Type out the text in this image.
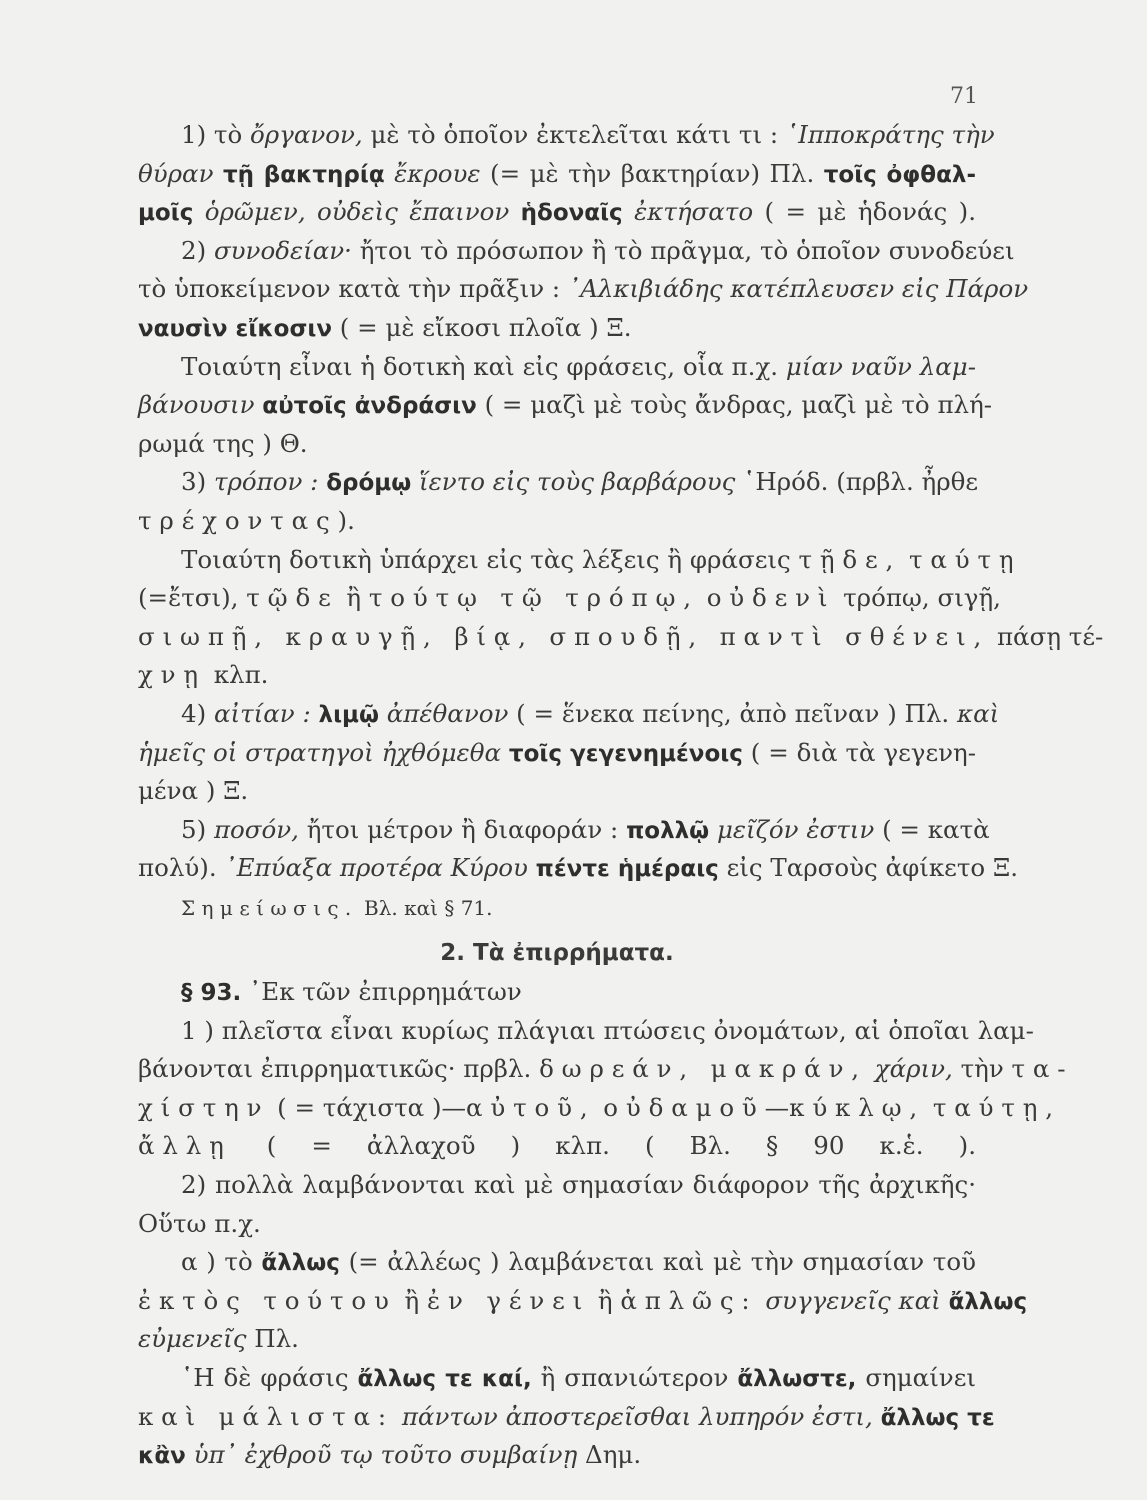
71
1) τὸ ὄργανον, μὲ τὸ ὁποῖον ἐκτελεῖται κάτι τι : ῾Ιπποκράτης τὴν
θύραν τῇ βακτηρίᾳ ἔκρουε (= μὲ τὴν βακτηρίαν) Πλ. τοῖς ὀφθαλ-
μοῖς ὁρῶμεν, οὐδεὶς ἔπαινον ἡδοναῖς ἐκτήσατο ( = μὲ ἡδονάς ).
2) συνοδείαν· ἤτοι τὸ πρόσωπον ἢ τὸ πρᾶγμα, τὸ ὁποῖον συνοδεύει
τὸ ὑποκείμενον κατὰ τὴν πρᾶξιν : ᾿Αλκιβιάδης κατέπλευσεν εἰς Πάρον
ναυσὶν εἴκοσιν ( = μὲ εἴκοσι πλοῖα ) Ξ.
Τοιαύτη εἶναι ἡ δοτικὴ καὶ εἰς φράσεις, οἷα π.χ. μίαν ναῦν λαμ-
βάνουσιν αὐτοῖς ἀνδράσιν ( = μαζὶ μὲ τοὺς ἄνδρας, μαζὶ μὲ τὸ πλή-
ρωμά της ) Θ.
3) τρόπον : δρόμῳ ἵεντο εἰς τοὺς βαρβάρους ῾Ηρόδ. (πρβλ. ἦρθε
τρέχοντας).
Τοιαύτη δοτικὴ ὑπάρχει εἰς τὰς λέξεις ἢ φράσεις τῇδε, ταύτῃ
(=ἔτσι), τῷδε ἢ τούτῳ τῷ τρόπῳ, οὐδενὶ τρόπῳ, σιγῇ,
σιωπῇ, κραυγῇ, βίᾳ, σπουδῇ, παντὶ σθένει, πάσῃ τέ-
χνῃ κλπ.
4) αἰτίαν : λιμῷ ἀπέθανον ( = ἕνεκα πείνης, ἀπὸ πεῖναν ) Πλ. καὶ
ἡμεῖς οἱ στρατηγοὶ ἠχθόμεθα τοῖς γεγενημένοις ( = διὰ τὰ γεγενη-
μένα ) Ξ.
5) ποσόν, ἤτοι μέτρον ἢ διαφοράν : πολλῷ μεῖζόν ἐστιν ( = κατὰ
πολύ). ᾿Επύαξα προτέρα Κύρου πέντε ἡμέραις εἰς Ταρσοὺς ἀφίκετο Ξ.
Σημείωσις. Βλ. καὶ § 71.
2. Τὰ ἐπιρρήματα.
§ 93. ᾿Εκ τῶν ἐπιρρημάτων
1 ) πλεῖστα εἶναι κυρίως πλάγιαι πτώσεις ὀνομάτων, αἱ ὁποῖαι λαμ-
βάνονται ἐπιρρηματικῶς· πρβλ. δωρεάν, μακράν, χάριν, τὴν τα-
χίστην ( = τάχιστα )—αὐτοῦ, οὐδαμοῦ—κύκλῳ, ταύτῃ,
ἄλλῃ ( = ἀλλαχοῦ ) κλπ. ( Βλ. § 90 κ.ἑ. ).
2) πολλὰ λαμβάνονται καὶ μὲ σημασίαν διάφορον τῆς ἀρχικῆς·
Οὕτω π.χ.
α ) τὸ ἄλλως (= ἀλλέως ) λαμβάνεται καὶ μὲ τὴν σημασίαν τοῦ
ἐκτὸς τούτου ἢ ἐν γένει ἢ ἁπλῶς: συγγενεῖς καὶ ἄλλως
εὐμενεῖς Πλ.
῾Η δὲ φράσις ἄλλως τε καί, ἢ σπανιώτερον ἄλλωστε, σημαίνει
καὶ μάλιστα: πάντων ἀποστερεῖσθαι λυπηρόν ἐστι, ἄλλως τε
κἂν ὑπ᾿ ἐχθροῦ τῳ τοῦτο συμβαίνῃ Δημ.
